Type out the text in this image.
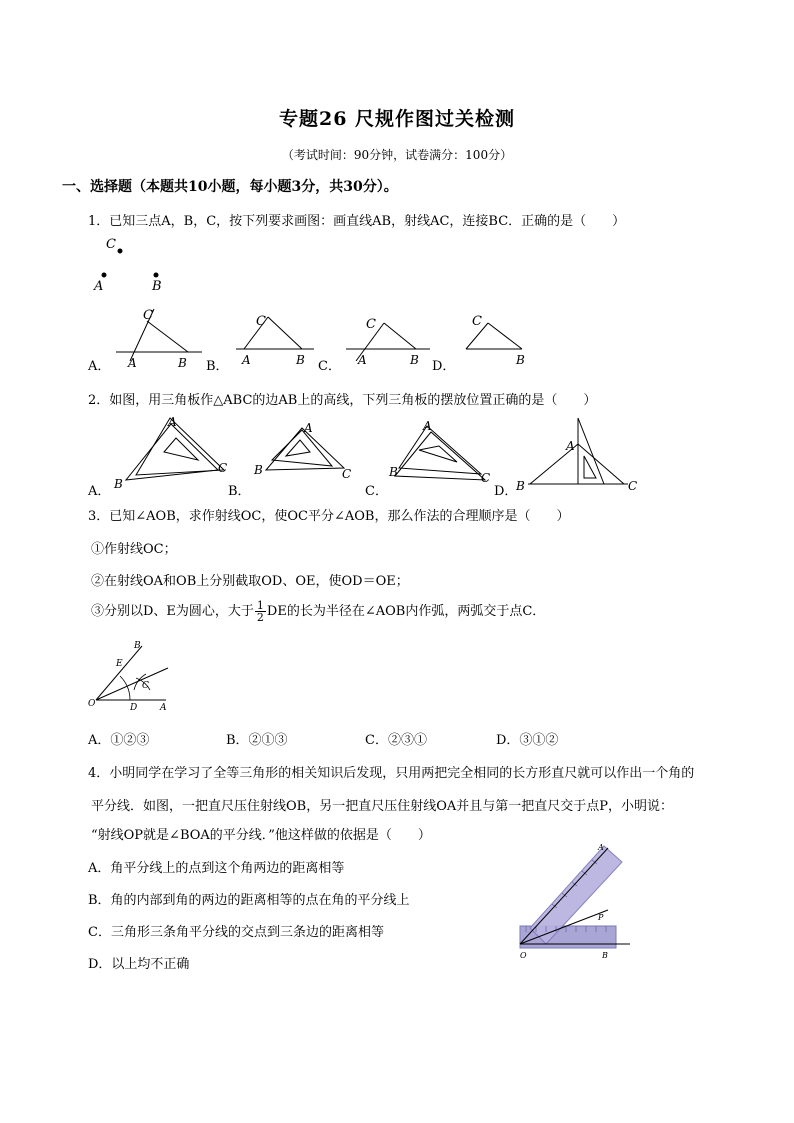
专题26 尺规作图过关检测
（考试时间：90分钟，试卷满分：100分）
一、选择题（本题共10小题，每小题3分，共30分）。
1．已知三点A，B，C，按下列要求画图：画直线AB，射线AC，连接BC．正确的是（　　）
C
A	B
A．
C
A	B B．
C
A	B C．
C
A	B D．
C
B
2．如图，用三角板作△ABC的边AB上的高线，下列三角板的摆放位置正确的是（　　）
A．
A
B
C
B．
A
B	C
C．
A
B	C
D．
A
B	C
3．已知∠AOB，求作射线OC，使OC平分∠AOB，那么作法的合理顺序是（　　）
①作射线OC；
②在射线OA和OB上分别截取OD、OE，使OD＝OE；
③分别以D、E为圆心，大于 $\frac{1}{2}$ DE的长为半径在∠AOB内作弧，两弧交于点C．
B
E
C
O	D	A
A．①②③	B．②①③	C．②③①	D．③①②
4．小明同学在学习了全等三角形的相关知识后发现，只用两把完全相同的长方形直尺就可以作出一个角的
平分线．如图，一把直尺压住射线OB，另一把直尺压住射线OA并且与第一把直尺交于点P，小明说：
“射线OP就是∠BOA的平分线．”他这样做的依据是（　　）
A．角平分线上的点到这个角两边的距离相等
B．角的内部到角的两边的距离相等的点在角的平分线上
C．三角形三条角平分线的交点到三条边的距离相等
D．以上均不正确
A
P
O	B
